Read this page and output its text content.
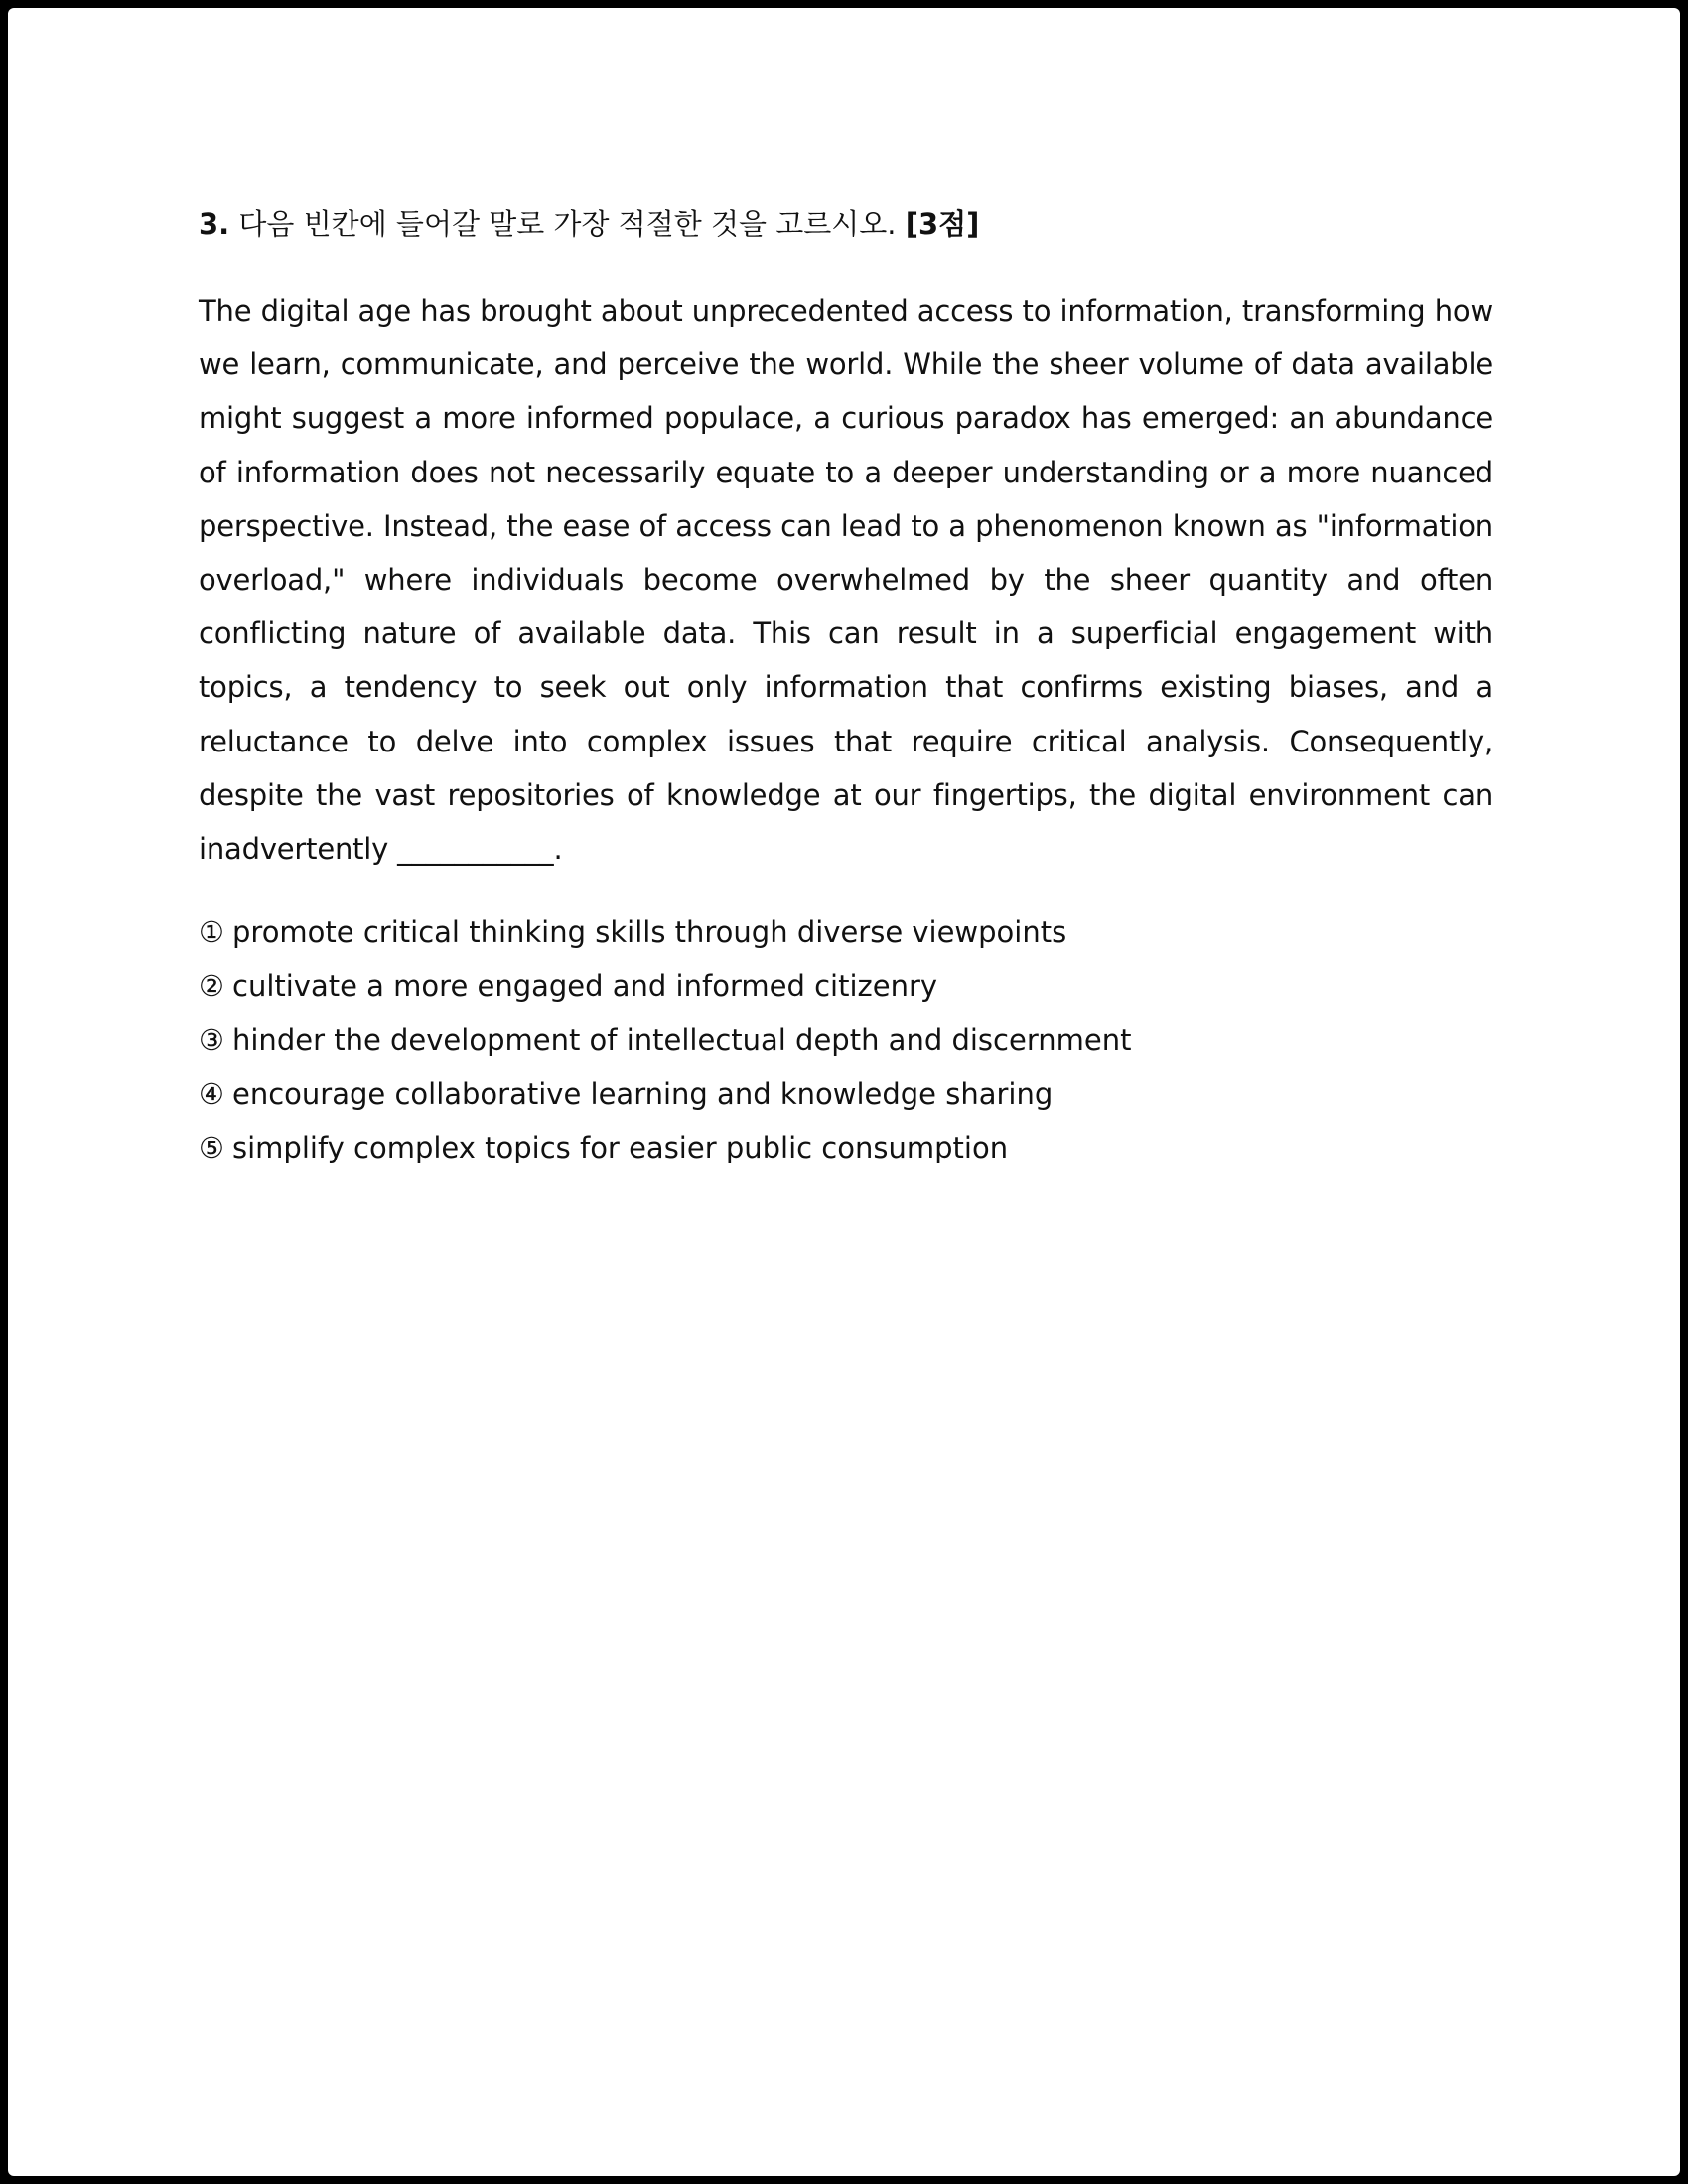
3. 다음 빈칸에 들어갈 말로 가장 적절한 것을 고르시오. [3점]

The digital age has brought about unprecedented access to information, transforming how we learn, communicate, and perceive the world. While the sheer volume of data available might suggest a more informed populace, a curious paradox has emerged: an abundance of information does not necessarily equate to a deeper understanding or a more nuanced perspective. Instead, the ease of access can lead to a phenomenon known as "information overload," where individuals become overwhelmed by the sheer quantity and often conflicting nature of available data. This can result in a superficial engagement with topics, a tendency to seek out only information that confirms existing biases, and a reluctance to delve into complex issues that require critical analysis. Consequently, despite the vast repositories of knowledge at our fingertips, the digital environment can inadvertently ___________.

① promote critical thinking skills through diverse viewpoints
② cultivate a more engaged and informed citizenry
③ hinder the development of intellectual depth and discernment
④ encourage collaborative learning and knowledge sharing
⑤ simplify complex topics for easier public consumption
